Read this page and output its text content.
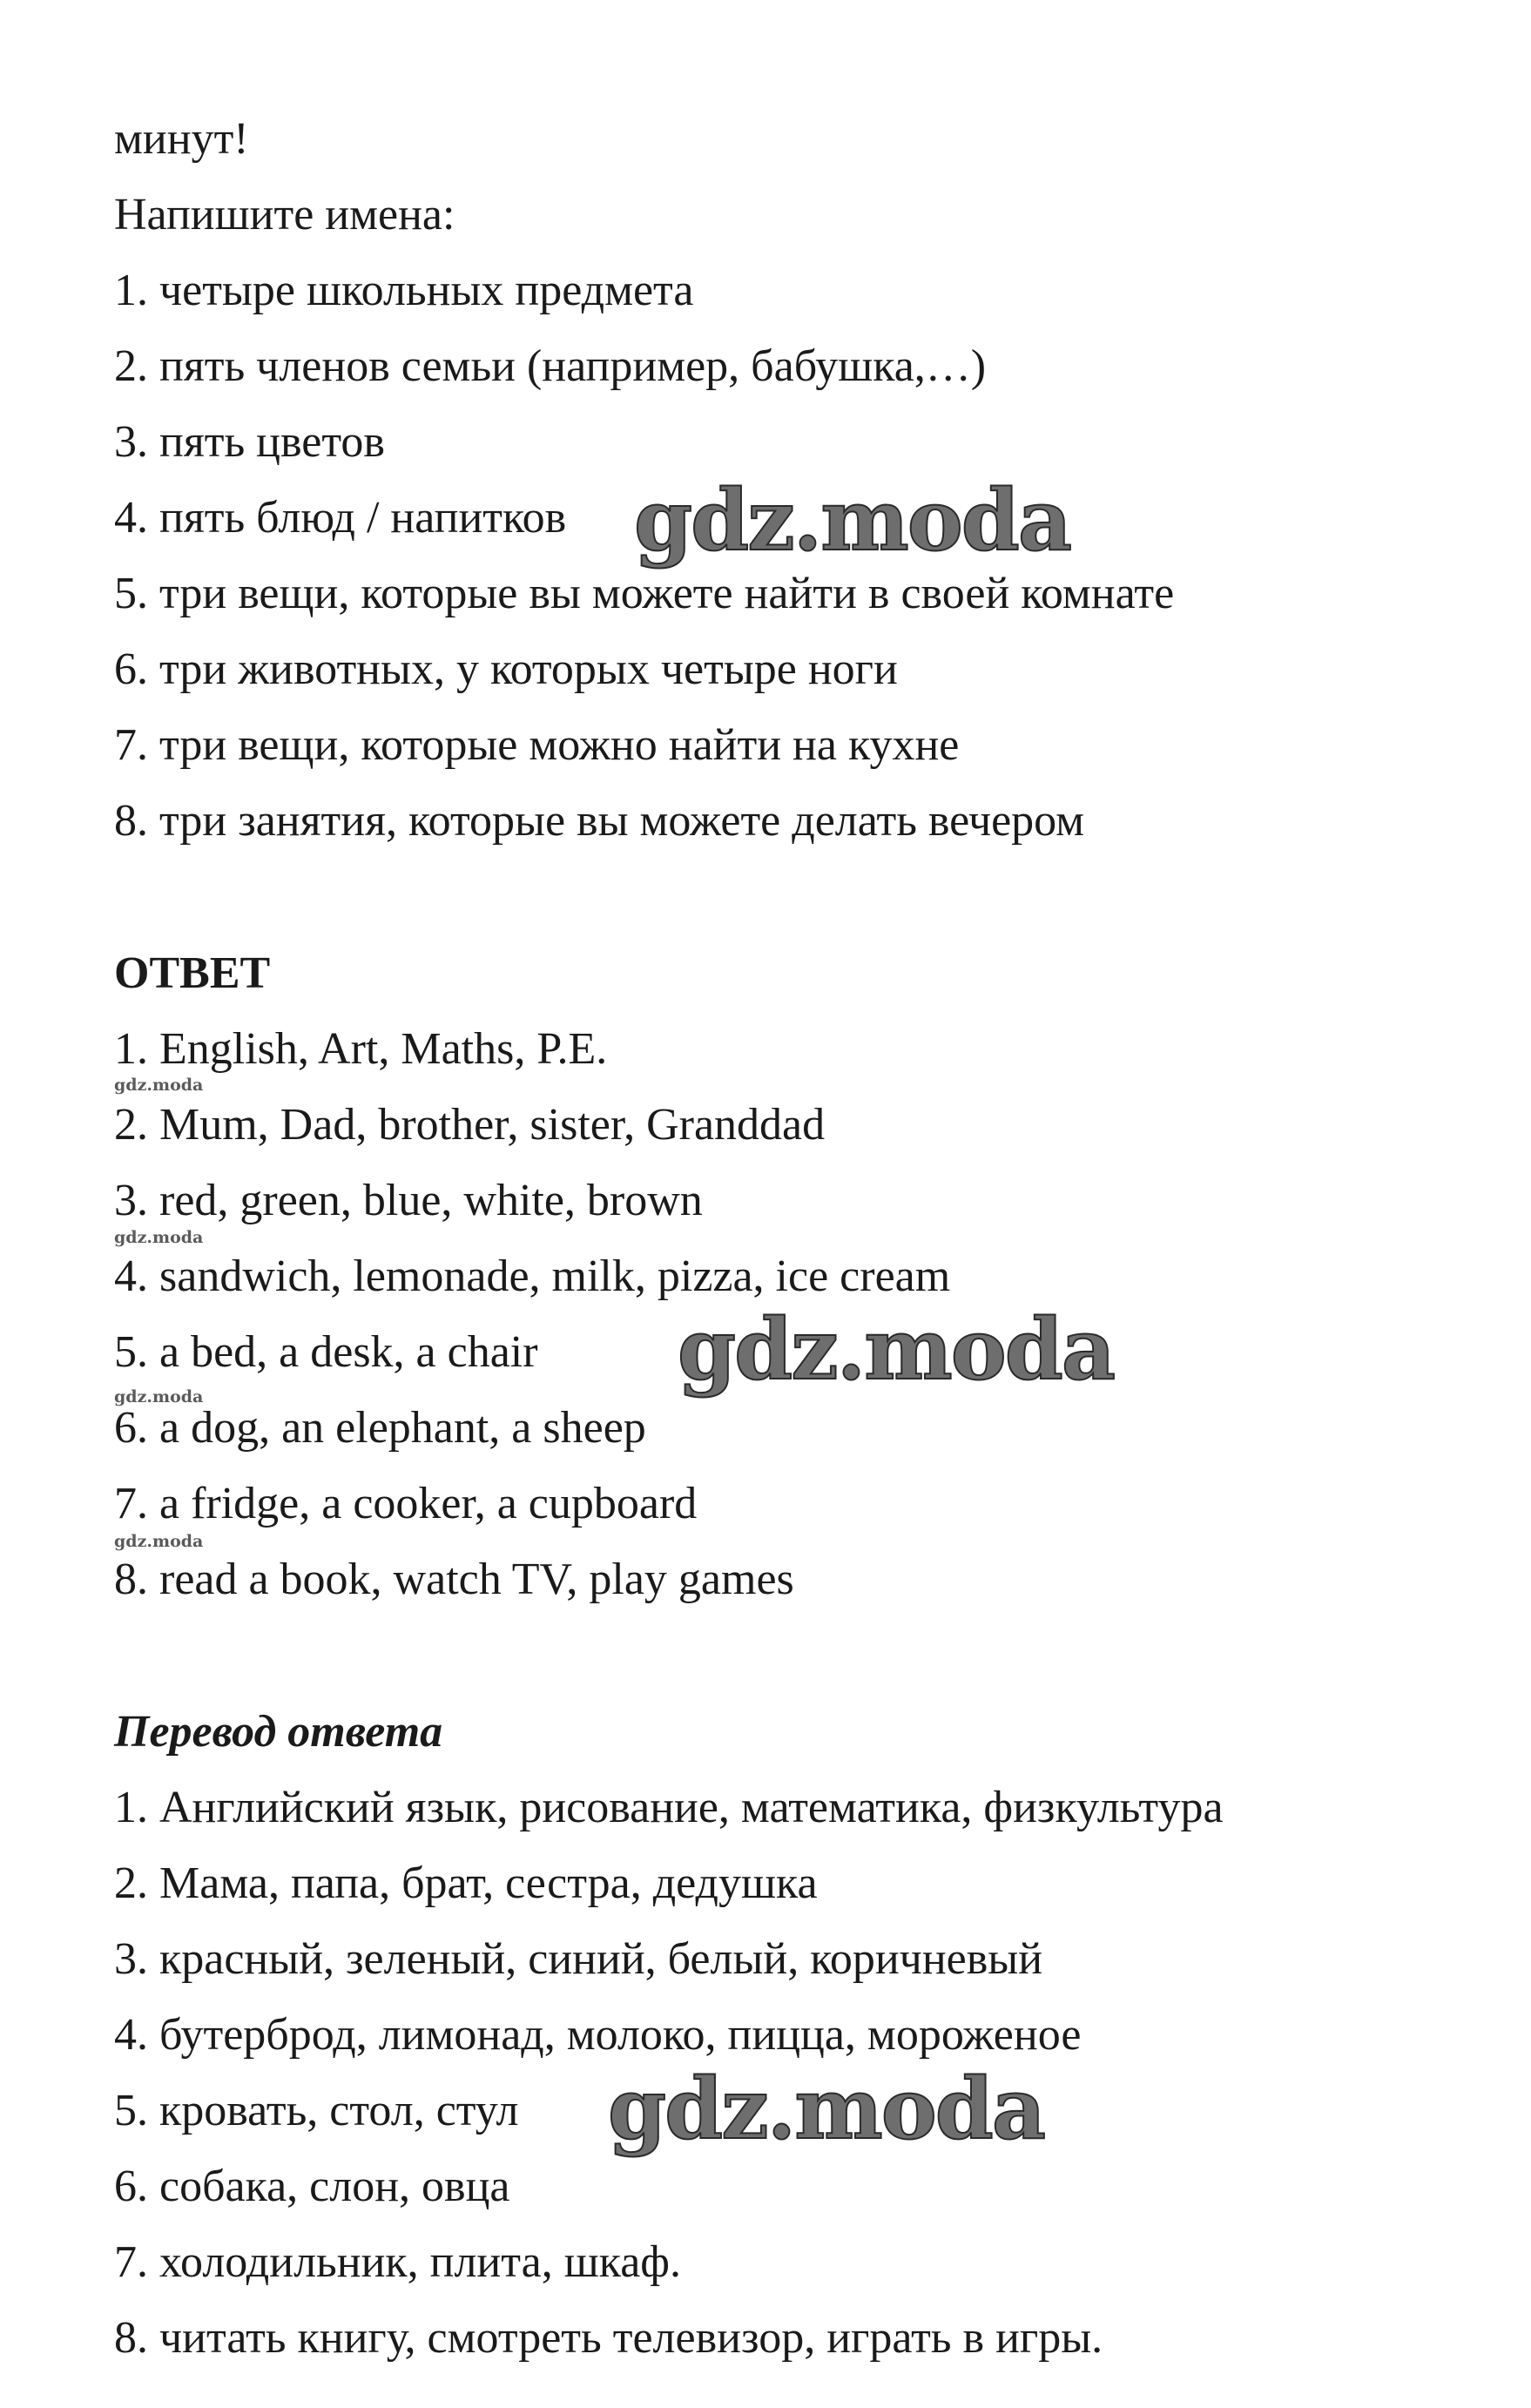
минут!
Напишите имена:
1. четыре школьных предмета
2. пять членов семьи (например, бабушка,…)
3. пять цветов
4. пять блюд / напитков
5. три вещи, которые вы можете найти в своей комнате
6. три животных, у которых четыре ноги
7. три вещи, которые можно найти на кухне
8. три занятия, которые вы можете делать вечером
ОТВЕТ
1. English, Art, Maths, P.E.
2. Mum, Dad, brother, sister, Granddad
3. red, green, blue, white, brown
4. sandwich, lemonade, milk, pizza, ice cream
5. a bed, a desk, a chair
6. a dog, an elephant, a sheep
7. a fridge, a cooker, a cupboard
8. read a book, watch TV, play games
Перевод ответа
1. Английский язык, рисование, математика, физкультура
2. Мама, папа, брат, сестра, дедушка
3. красный, зеленый, синий, белый, коричневый
4. бутерброд, лимонад, молоко, пицца, мороженое
5. кровать, стол, стул
6. собака, слон, овца
7. холодильник, плита, шкаф.
8. читать книгу, смотреть телевизор, играть в игры.
gdz.moda
gdz.moda
gdz.moda
gdz.moda
gdz.moda
gdz.moda
gdz.moda
